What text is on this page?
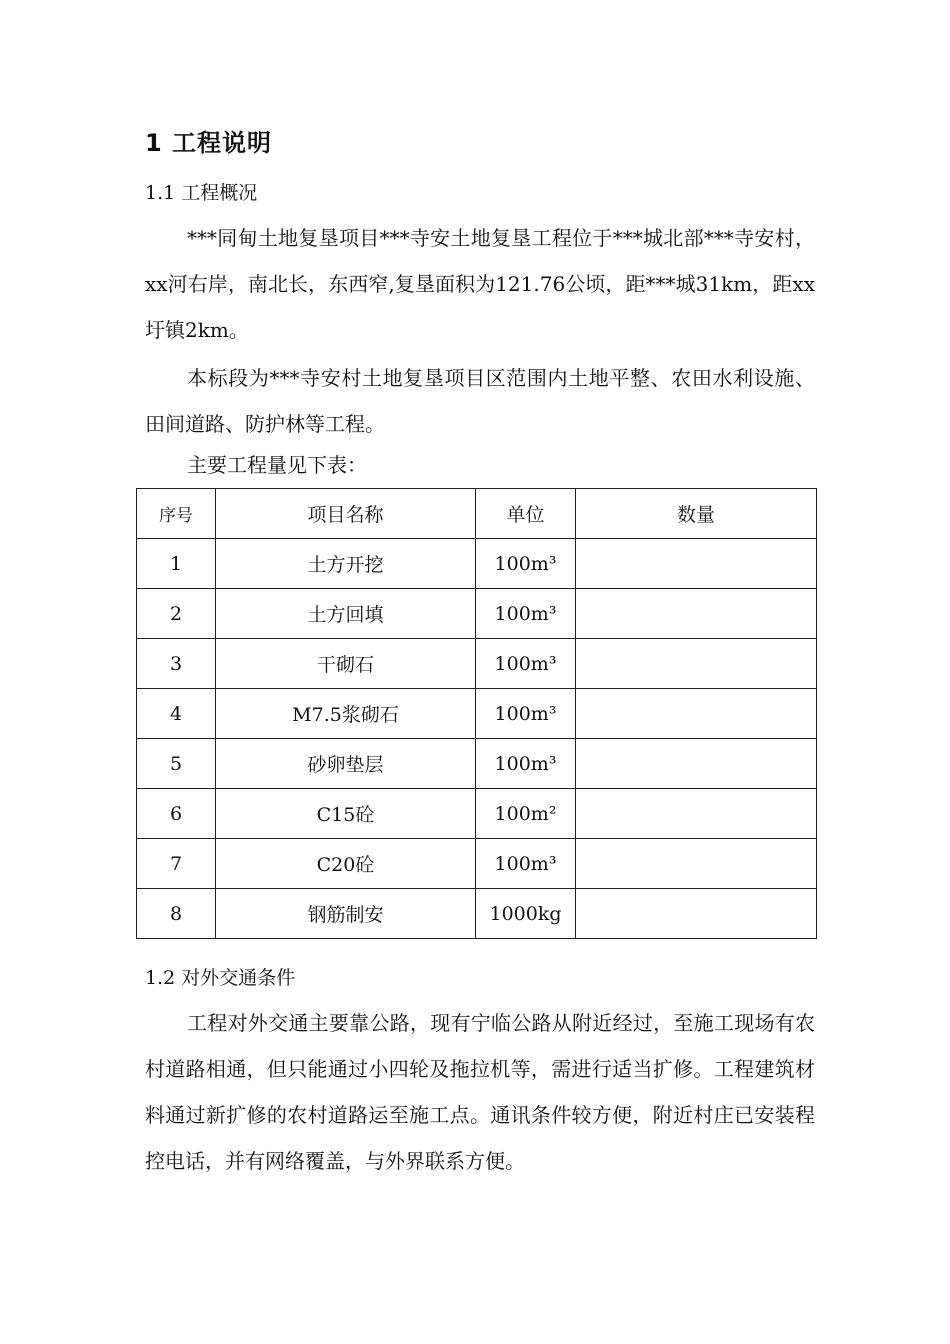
1 工程说明
1.1 工程概况

***同甸土地复垦项目***寺安土地复垦工程位于***城北部***寺安村， xx河右岸，南北长，东西窄,复垦面积为121.76公顷，距***城31km，距xx圩镇2km。

本标段为***寺安村土地复垦项目区范围内土地平整、农田水利设施、田间道路、防护林等工程。

主要工程量见下表：
序号	项目名称	单位	数量
1	土方开挖	100m³	
2	土方回填	100m³	
3	干砌石	100m³	
4	M7.5浆砌石	100m³	
5	砂卵垫层	100m³	
6	C15砼	100m²	
7	C20砼	100m³	
8	钢筋制安	1000kg	
1.2 对外交通条件

工程对外交通主要靠公路，现有宁临公路从附近经过，至施工现场有农村道路相通，但只能通过小四轮及拖拉机等，需进行适当扩修。工程建筑材料通过新扩修的农村道路运至施工点。通讯条件较方便，附近村庄已安装程控电话，并有网络覆盖，与外界联系方便。
